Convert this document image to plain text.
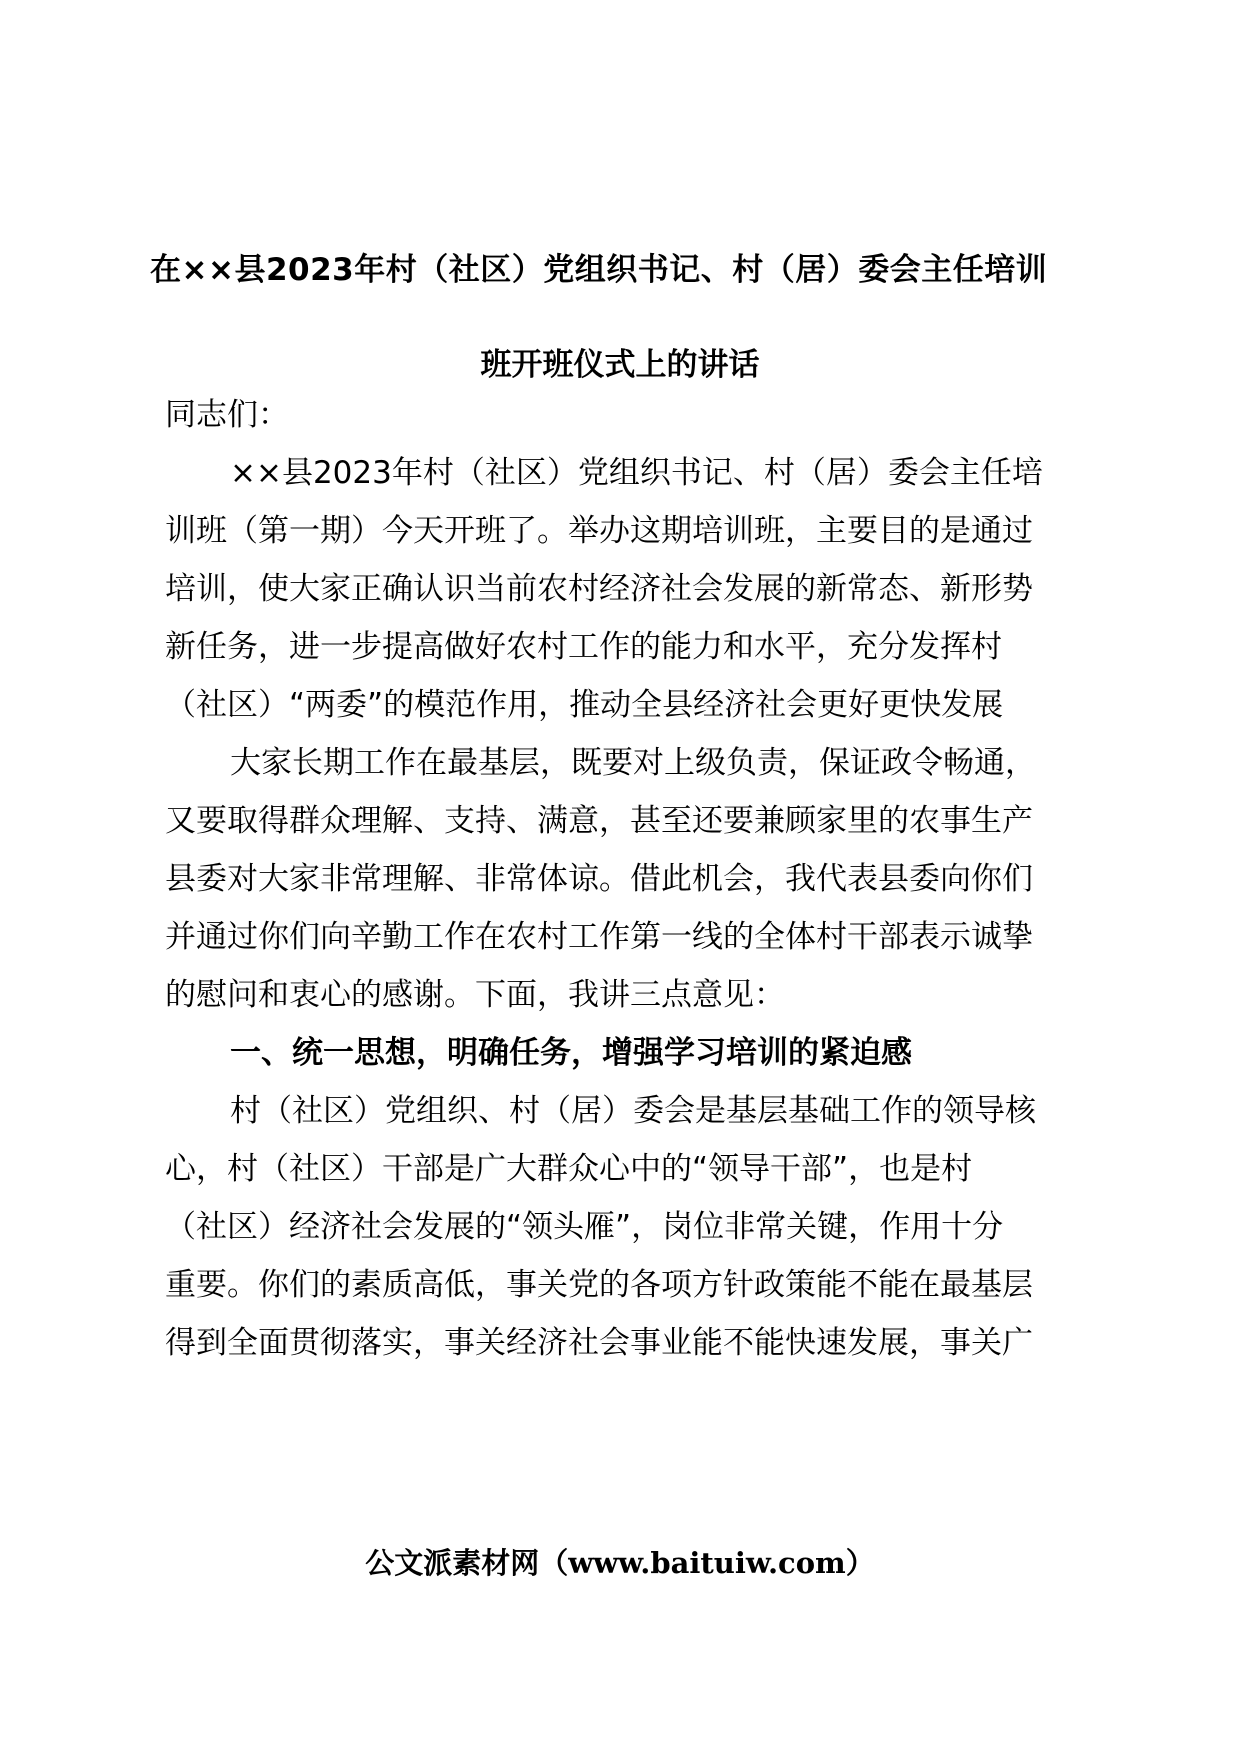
在××县2023年村（社区）党组织书记、村（居）委会主任培训
班开班仪式上的讲话
同志们：
××县2023年村（社区）党组织书记、村（居）委会主任培
训班（第一期）今天开班了。举办这期培训班，主要目的是通过
培训，使大家正确认识当前农村经济社会发展的新常态、新形势
新任务，进一步提高做好农村工作的能力和水平，充分发挥村
（社区）“两委”的模范作用，推动全县经济社会更好更快发展
大家长期工作在最基层，既要对上级负责，保证政令畅通，
又要取得群众理解、支持、满意，甚至还要兼顾家里的农事生产
县委对大家非常理解、非常体谅。借此机会，我代表县委向你们
并通过你们向辛勤工作在农村工作第一线的全体村干部表示诚挚
的慰问和衷心的感谢。下面，我讲三点意见：
一、统一思想，明确任务，增强学习培训的紧迫感
村（社区）党组织、村（居）委会是基层基础工作的领导核
心，村（社区）干部是广大群众心中的“领导干部”，也是村
（社区）经济社会发展的“领头雁”，岗位非常关键，作用十分
重要。你们的素质高低，事关党的各项方针政策能不能在最基层
得到全面贯彻落实，事关经济社会事业能不能快速发展，事关广
公文派素材网（www.baituiw.com）
